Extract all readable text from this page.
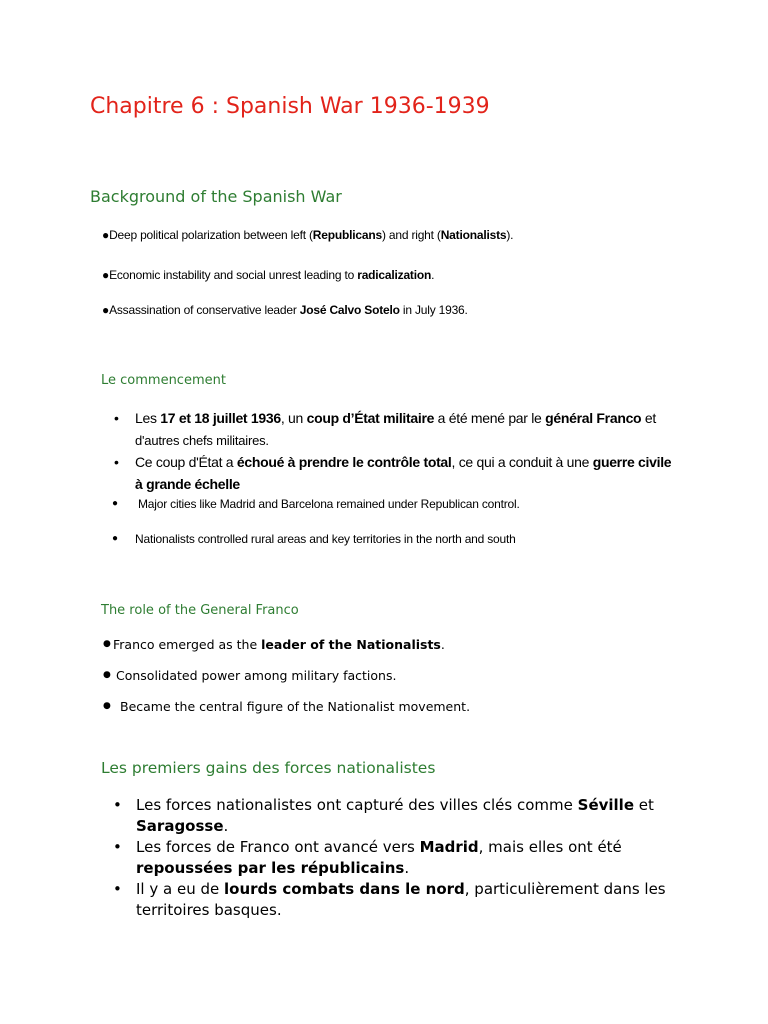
Chapitre 6 : Spanish War 1936-1939
Background of the Spanish War
●Deep political polarization between left (Republicans) and right (Nationalists).
●Economic instability and social unrest leading to radicalization.
●Assassination of conservative leader José Calvo Sotelo in July 1936.
Le commencement
• Les 17 et 18 juillet 1936, un coup d’État militaire a été mené par le général Franco et
d'autres chefs militaires.
• Ce coup d'État a échoué à prendre le contrôle total, ce qui a conduit à une guerre civile
à grande échelle
● Major cities like Madrid and Barcelona remained under Republican control.
● Nationalists controlled rural areas and key territories in the north and south
The role of the General Franco
● Franco emerged as the leader of the Nationalists.
● Consolidated power among military factions.
● Became the central figure of the Nationalist movement.
Les premiers gains des forces nationalistes
• Les forces nationalistes ont capturé des villes clés comme Séville et
Saragosse.
• Les forces de Franco ont avancé vers Madrid, mais elles ont été
repoussées par les républicains.
• Il y a eu de lourds combats dans le nord, particulièrement dans les
territoires basques.
